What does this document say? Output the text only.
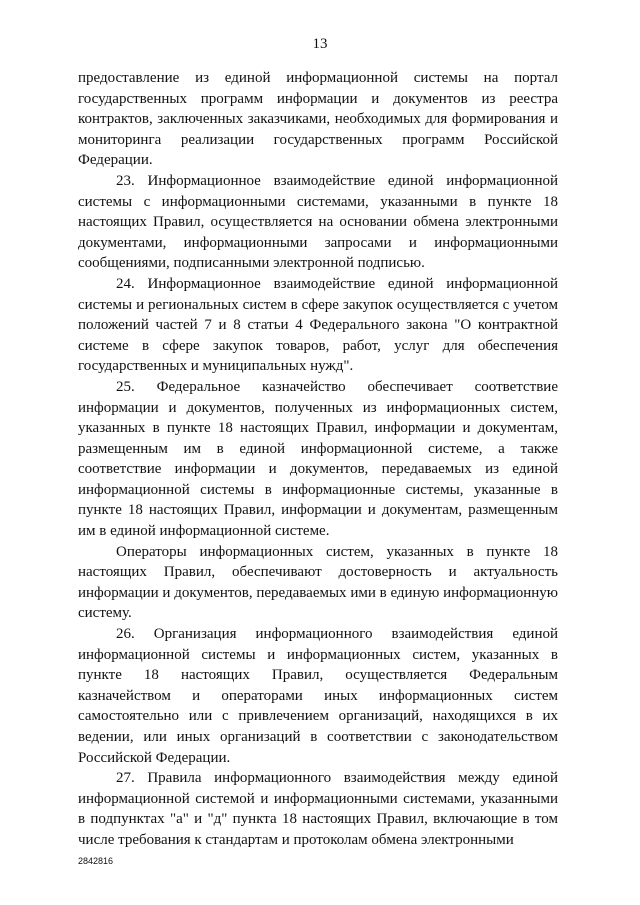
13

предоставление из единой информационной системы на портал государственных программ информации и документов из реестра контрактов, заключенных заказчиками, необходимых для формирования и мониторинга реализации государственных программ Российской Федерации.

23. Информационное взаимодействие единой информационной системы с информационными системами, указанными в пункте 18 настоящих Правил, осуществляется на основании обмена электронными документами, информационными запросами и информационными сообщениями, подписанными электронной подписью.

24. Информационное взаимодействие единой информационной системы и региональных систем в сфере закупок осуществляется с учетом положений частей 7 и 8 статьи 4 Федерального закона "О контрактной системе в сфере закупок товаров, работ, услуг для обеспечения государственных и муниципальных нужд".

25. Федеральное казначейство обеспечивает соответствие информации и документов, полученных из информационных систем, указанных в пункте 18 настоящих Правил, информации и документам, размещенным им в единой информационной системе, а также соответствие информации и документов, передаваемых из единой информационной системы в информационные системы, указанные в пункте 18 настоящих Правил, информации и документам, размещенным им в единой информационной системе.

Операторы информационных систем, указанных в пункте 18 настоящих Правил, обеспечивают достоверность и актуальность информации и документов, передаваемых ими в единую информационную систему.

26. Организация информационного взаимодействия единой информационной системы и информационных систем, указанных в пункте 18 настоящих Правил, осуществляется Федеральным казначейством и операторами иных информационных систем самостоятельно или с привлечением организаций, находящихся в их ведении, или иных организаций в соответствии с законодательством Российской Федерации.

27. Правила информационного взаимодействия между единой информационной системой и информационными системами, указанными в подпунктах "а" и "д" пункта 18 настоящих Правил, включающие в том числе требования к стандартам и протоколам обмена электронными

2842816
